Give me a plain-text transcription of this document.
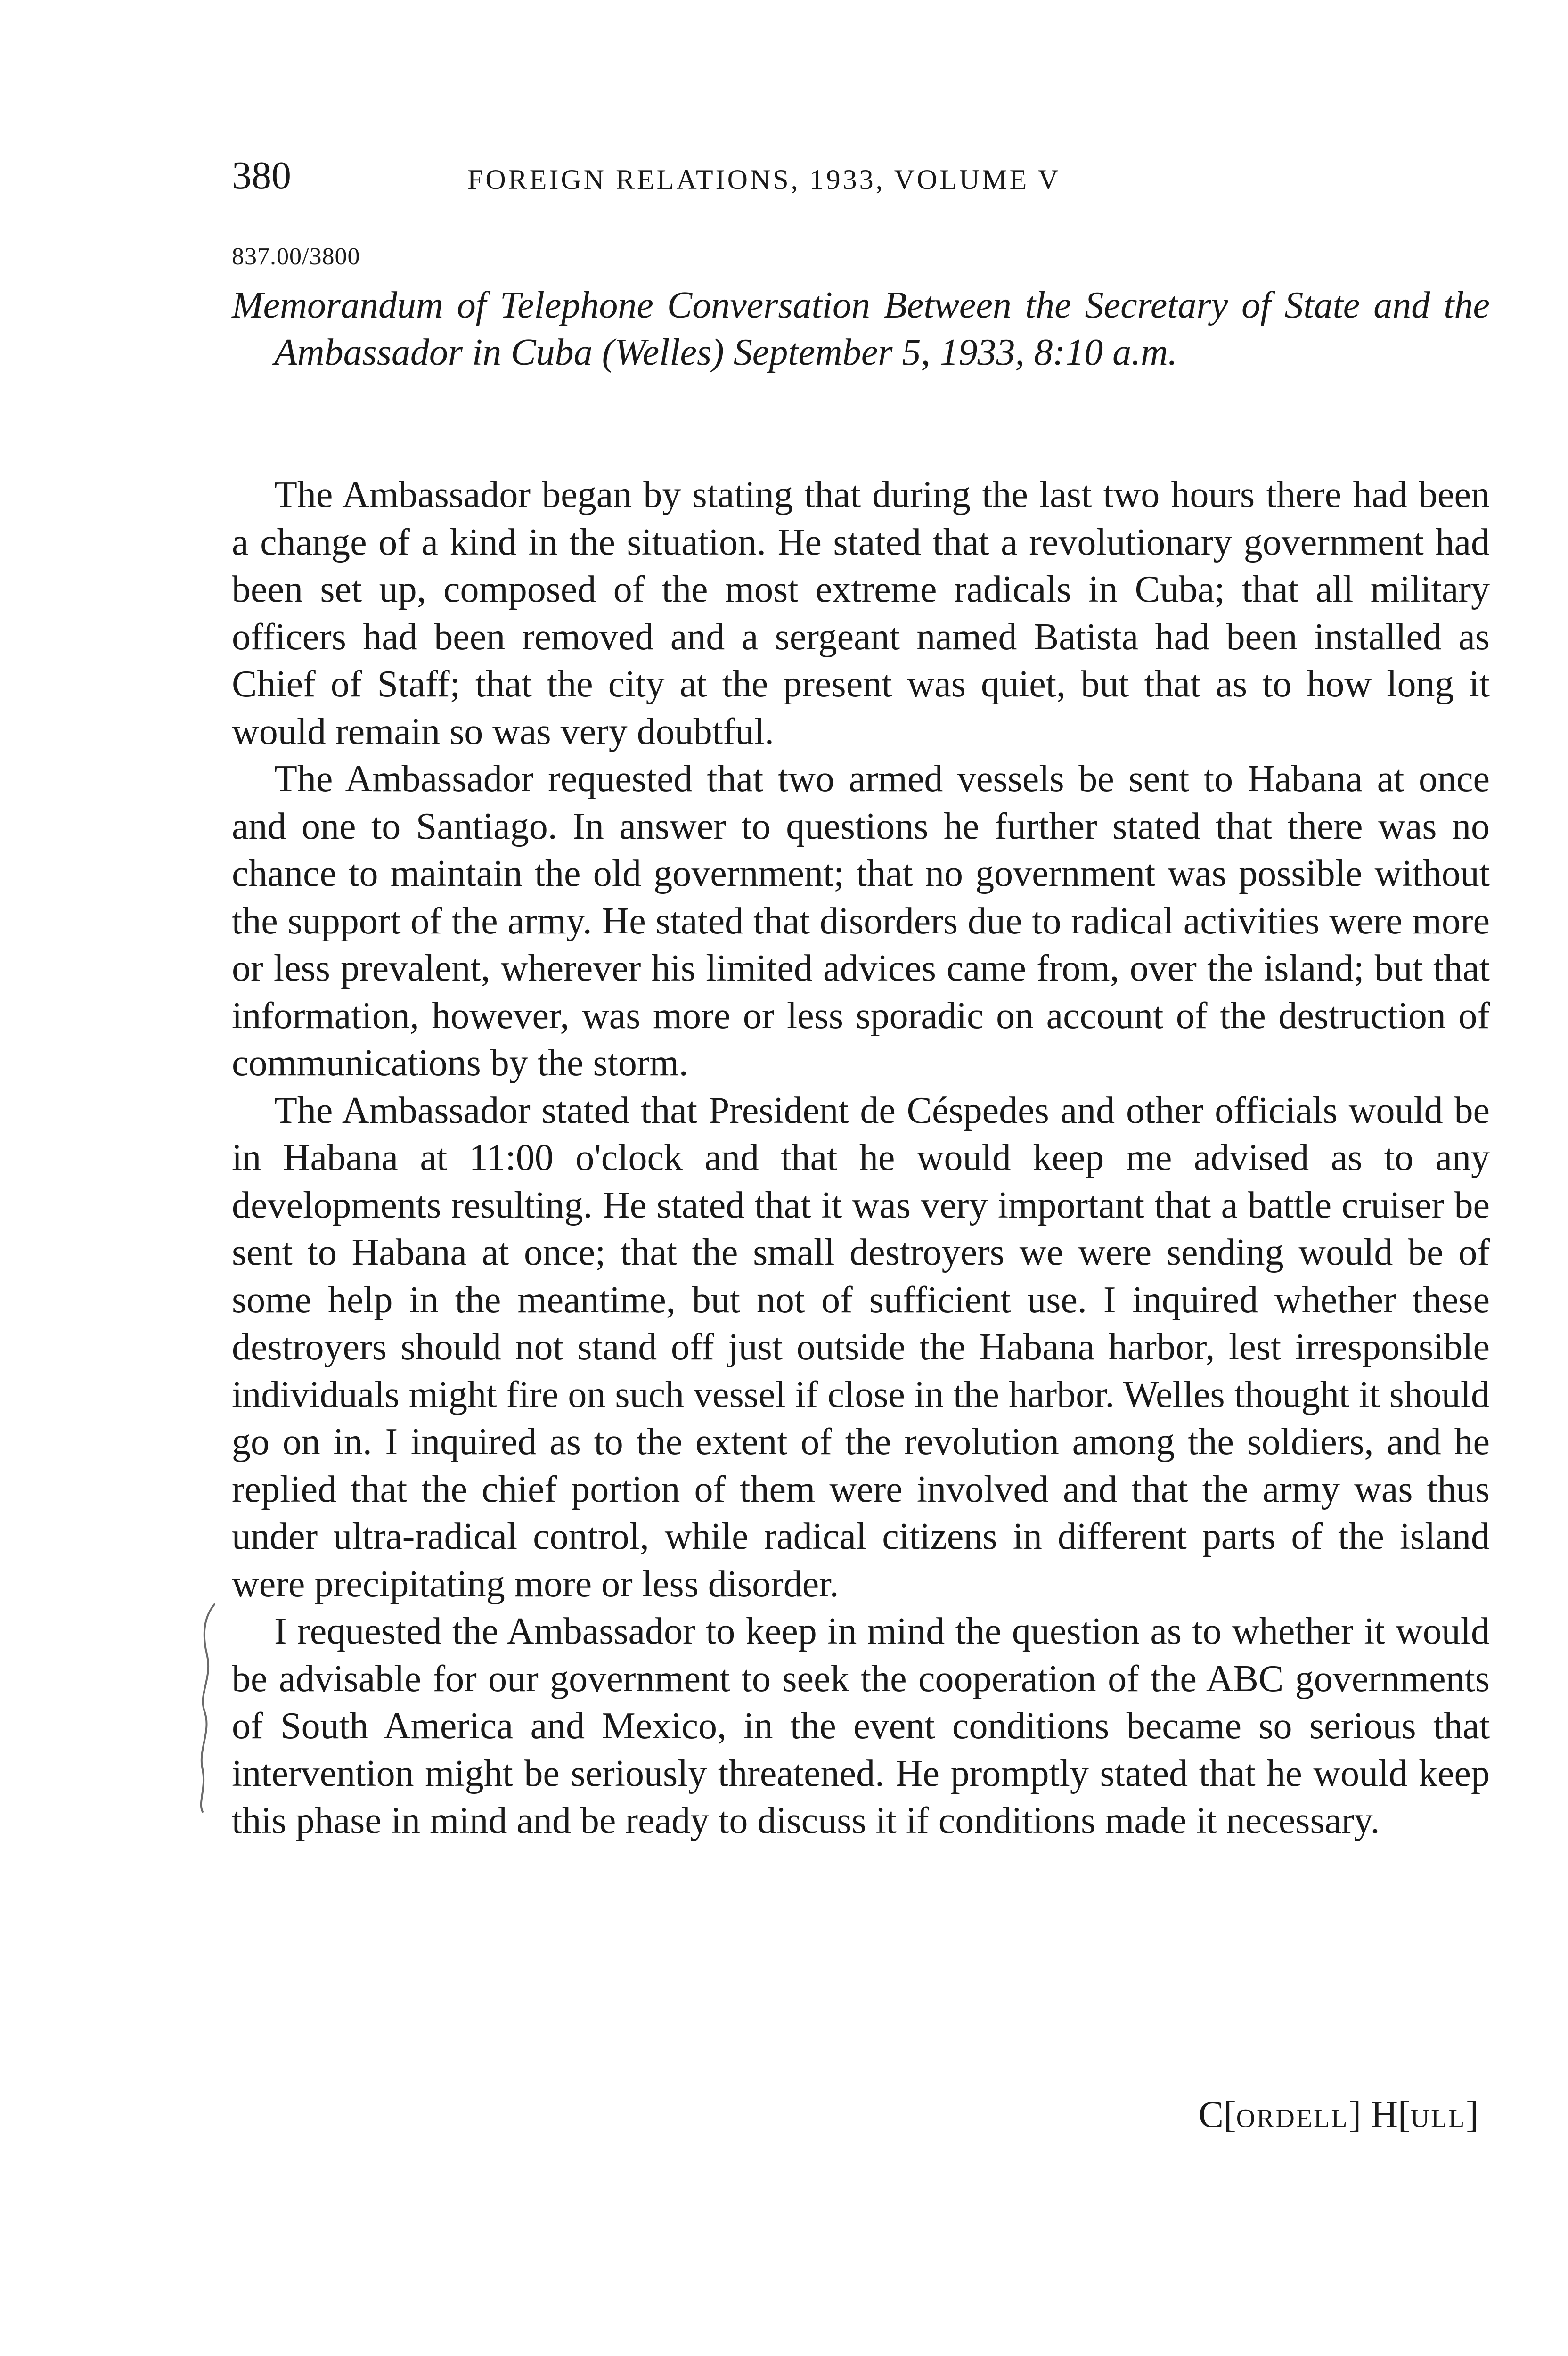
380	FOREIGN RELATIONS, 1933, VOLUME V
837.00/3800
Memorandum of Telephone Conversation Between the Secretary of State and the Ambassador in Cuba (Welles) September 5, 1933, 8:10 a.m.

The Ambassador began by stating that during the last two hours there had been a change of a kind in the situation. He stated that a revolutionary government had been set up, composed of the most extreme radicals in Cuba; that all military officers had been removed and a sergeant named Batista had been installed as Chief of Staff; that the city at the present was quiet, but that as to how long it would remain so was very doubtful.

The Ambassador requested that two armed vessels be sent to Habana at once and one to Santiago. In answer to questions he further stated that there was no chance to maintain the old government; that no government was possible without the support of the army. He stated that disorders due to radical activities were more or less prevalent, wherever his limited advices came from, over the island; but that information, however, was more or less sporadic on account of the destruction of communications by the storm.

The Ambassador stated that President de Céspedes and other officials would be in Habana at 11:00 o'clock and that he would keep me advised as to any developments resulting. He stated that it was very important that a battle cruiser be sent to Habana at once; that the small destroyers we were sending would be of some help in the meantime, but not of sufficient use. I inquired whether these destroyers should not stand off just outside the Habana harbor, lest irresponsible individuals might fire on such vessel if close in the harbor. Welles thought it should go on in. I inquired as to the extent of the revolution among the soldiers, and he replied that the chief portion of them were involved and that the army was thus under ultra-radical control, while radical citizens in different parts of the island were precipitating more or less disorder.

I requested the Ambassador to keep in mind the question as to whether it would be advisable for our government to seek the cooperation of the ABC governments of South America and Mexico, in the event conditions became so serious that intervention might be seriously threatened. He promptly stated that he would keep this phase in mind and be ready to discuss it if conditions made it necessary.

C[ORDELL] H[ULL]
